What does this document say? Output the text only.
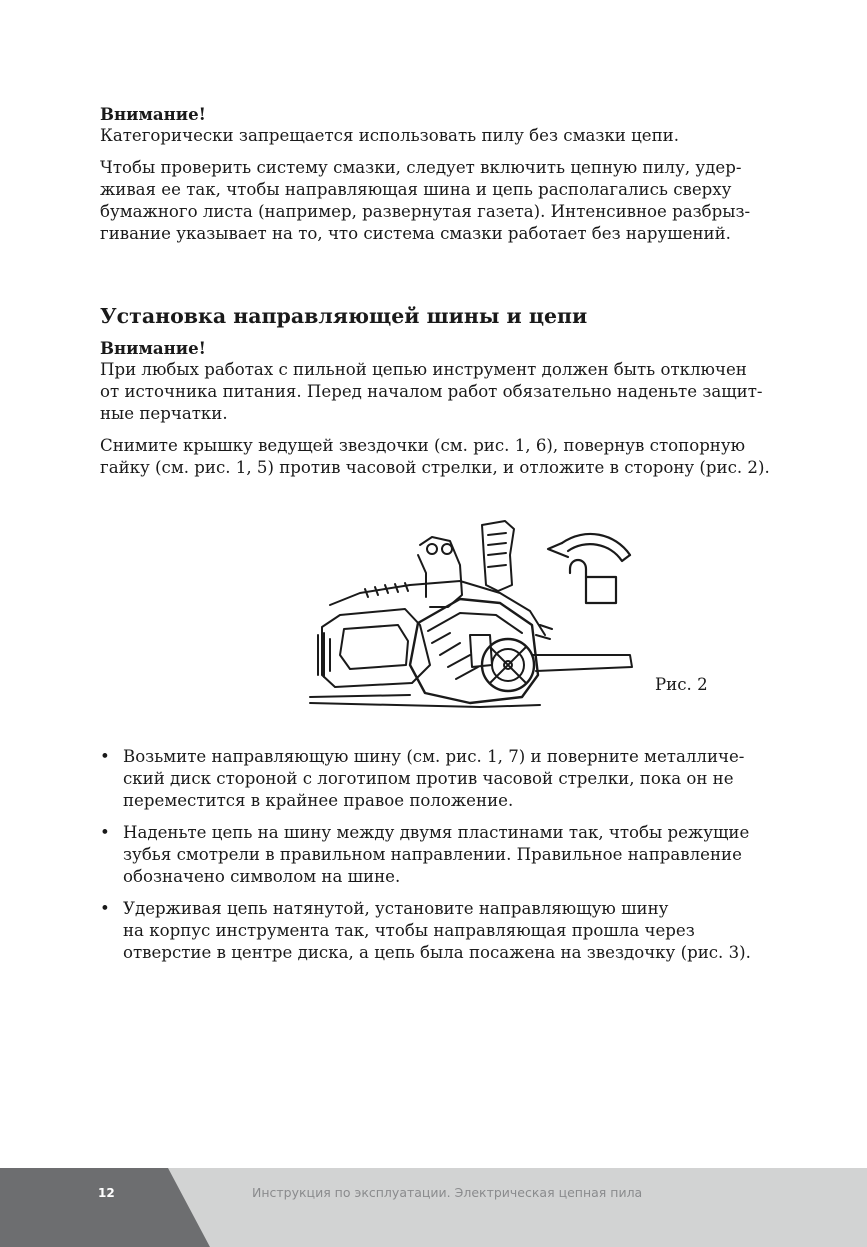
Внимание!

Категорически запрещается использовать пилу без смазки цепи.

Чтобы проверить систему смазки, следует включить цепную пилу, удер-
живая ее так, чтобы направляющая шина и цепь располагались сверху
бумажного листа (например, развернутая газета). Интенсивное разбрыз-
гивание указывает на то, что система смазки работает без нарушений.

Установка направляющей шины и цепи

Внимание!

При любых работах с пильной цепью инструмент должен быть отключен
от источника питания. Перед началом работ обязательно наденьте защит-
ные перчатки.

Снимите крышку ведущей звездочки (см. рис. 1, 6), повернув стопорную
гайку (см. рис. 1, 5) против часовой стрелки, и отложите в сторону (рис. 2).

Рис. 2

• Возьмите направляющую шину (см. рис. 1, 7) и поверните металличе-
ский диск стороной с логотипом против часовой стрелки, пока он не
переместится в крайнее правое положение.
• Наденьте цепь на шину между двумя пластинами так, чтобы режущие
зубья смотрели в правильном направлении. Правильное направление
обозначено символом на шине.
• Удерживая цепь натянутой, установите направляющую шину
на корпус инструмента так, чтобы направляющая прошла через
отверстие в центре диска, а цепь была посажена на звездочку (рис. 3).
12	Инструкция по эксплуатации. Электрическая цепная пила
